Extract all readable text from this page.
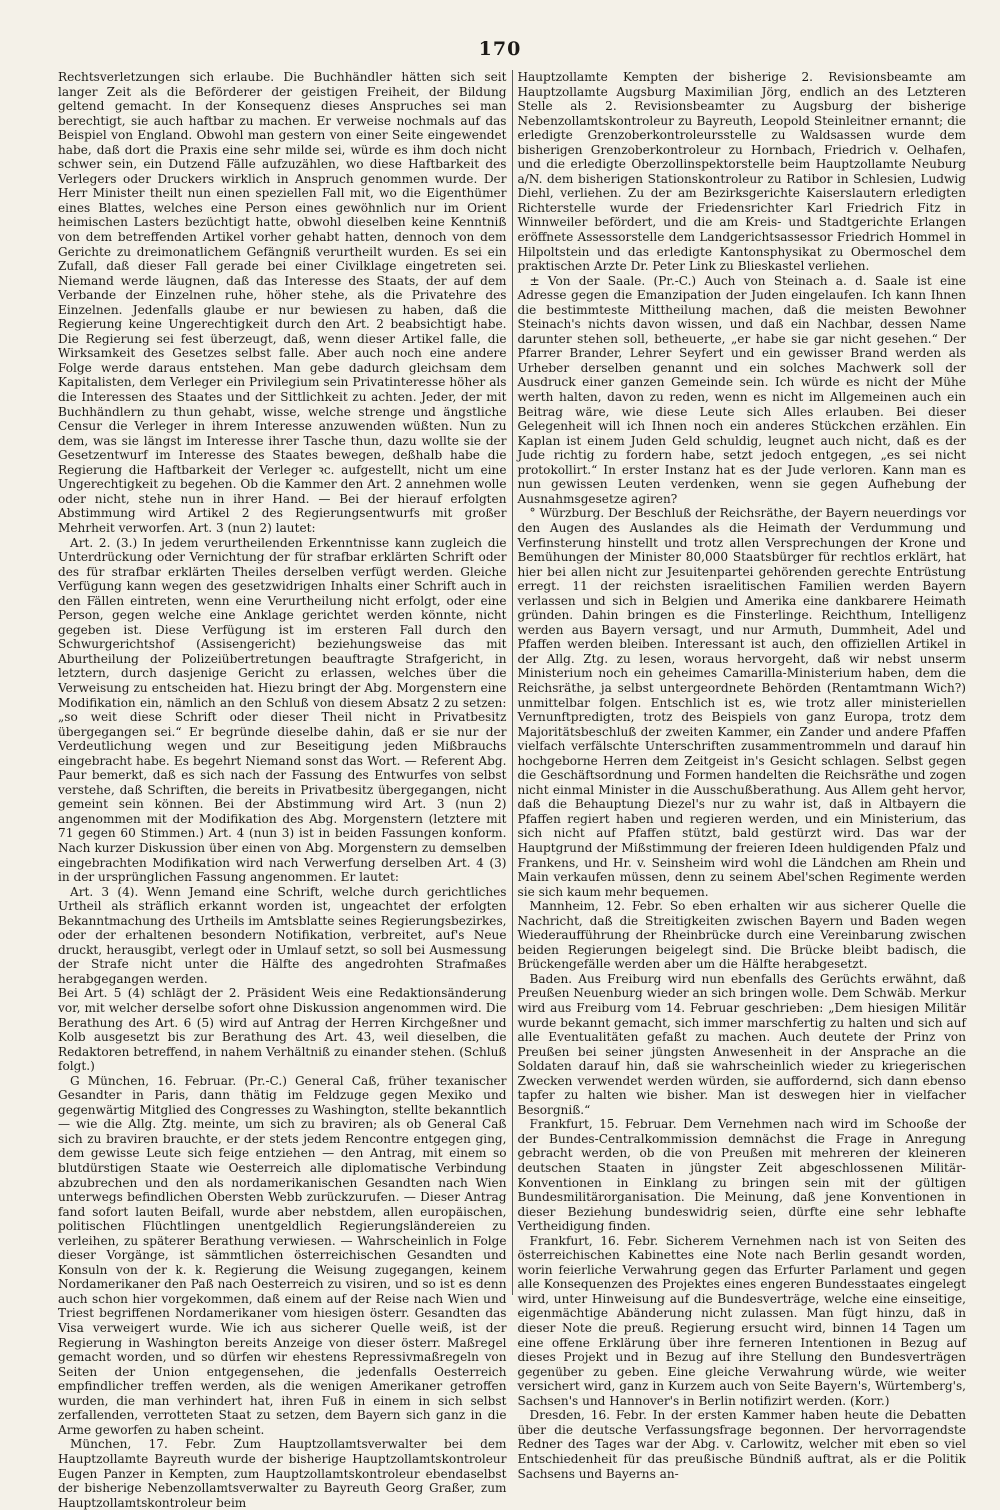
170

Rechtsverletzungen sich erlaube. Die Buchhändler hätten sich seit langer Zeit als die Beförderer der geistigen Freiheit, der Bildung geltend gemacht. In der Konsequenz dieses Anspruches sei man berechtigt, sie auch haftbar zu machen. Er verweise nochmals auf das Beispiel von England. Obwohl man gestern von einer Seite eingewendet habe, daß dort die Praxis eine sehr milde sei, würde es ihm doch nicht schwer sein, ein Dutzend Fälle aufzuzählen, wo diese Haftbarkeit des Verlegers oder Druckers wirklich in Anspruch genommen wurde. Der Herr Minister theilt nun einen speziellen Fall mit, wo die Eigenthümer eines Blattes, welches eine Person eines gewöhnlich nur im Orient heimischen Lasters bezüchtigt hatte, obwohl dieselben keine Kenntniß von dem betreffenden Artikel vorher gehabt hatten, dennoch von dem Gerichte zu dreimonatlichem Gefängniß verurtheilt wurden. Es sei ein Zufall, daß dieser Fall gerade bei einer Civilklage eingetreten sei. Niemand werde läugnen, daß das Interesse des Staats, der auf dem Verbande der Einzelnen ruhe, höher stehe, als die Privatehre des Einzelnen. Jedenfalls glaube er nur bewiesen zu haben, daß die Regierung keine Ungerechtigkeit durch den Art. 2 beabsichtigt habe. Die Regierung sei fest überzeugt, daß, wenn dieser Artikel falle, die Wirksamkeit des Gesetzes selbst falle. Aber auch noch eine andere Folge werde daraus entstehen. Man gebe dadurch gleichsam dem Kapitalisten, dem Verleger ein Privilegium sein Privatinteresse höher als die Interessen des Staates und der Sittlichkeit zu achten. Jeder, der mit Buchhändlern zu thun gehabt, wisse, welche strenge und ängstliche Censur die Verleger in ihrem Interesse anzuwenden wüßten. Nun zu dem, was sie längst im Interesse ihrer Tasche thun, dazu wollte sie der Gesetzentwurf im Interesse des Staates bewegen, deßhalb habe die Regierung die Haftbarkeit der Verleger ꝛc. aufgestellt, nicht um eine Ungerechtigkeit zu begehen. Ob die Kammer den Art. 2 annehmen wolle oder nicht, stehe nun in ihrer Hand. — Bei der hierauf erfolgten Abstimmung wird Artikel 2 des Regierungsentwurfs mit großer Mehrheit verworfen. Art. 3 (nun 2) lautet:

Art. 2. (3.) In jedem verurtheilenden Erkenntnisse kann zugleich die Unterdrückung oder Vernichtung der für strafbar erklärten Schrift oder des für strafbar erklärten Theiles derselben verfügt werden. Gleiche Verfügung kann wegen des gesetzwidrigen Inhalts einer Schrift auch in den Fällen eintreten, wenn eine Verurtheilung nicht erfolgt, oder eine Person, gegen welche eine Anklage gerichtet werden könnte, nicht gegeben ist. Diese Verfügung ist im ersteren Fall durch den Schwurgerichtshof (Assisengericht) beziehungsweise das mit Aburtheilung der Polizeiübertretungen beauftragte Strafgericht, in letztern, durch dasjenige Gericht zu erlassen, welches über die Verweisung zu entscheiden hat. Hiezu bringt der Abg. Morgenstern eine Modifikation ein, nämlich an den Schluß von diesem Absatz 2 zu setzen: „so weit diese Schrift oder dieser Theil nicht in Privatbesitz übergegangen sei.“ Er begründe dieselbe dahin, daß er sie nur der Verdeutlichung wegen und zur Beseitigung jeden Mißbrauchs eingebracht habe. Es begehrt Niemand sonst das Wort. — Referent Abg. Paur bemerkt, daß es sich nach der Fassung des Entwurfes von selbst verstehe, daß Schriften, die bereits in Privatbesitz übergegangen, nicht gemeint sein können. Bei der Abstimmung wird Art. 3 (nun 2) angenommen mit der Modifikation des Abg. Morgenstern (letztere mit 71 gegen 60 Stimmen.) Art. 4 (nun 3) ist in beiden Fassungen konform. Nach kurzer Diskussion über einen von Abg. Morgenstern zu demselben eingebrachten Modifikation wird nach Verwerfung derselben Art. 4 (3) in der ursprünglichen Fassung angenommen. Er lautet:

Art. 3 (4). Wenn Jemand eine Schrift, welche durch gerichtliches Urtheil als sträflich erkannt worden ist, ungeachtet der erfolgten Bekanntmachung des Urtheils im Amtsblatte seines Regierungsbezirkes, oder der erhaltenen besondern Notifikation, verbreitet, auf's Neue druckt, herausgibt, verlegt oder in Umlauf setzt, so soll bei Ausmessung der Strafe nicht unter die Hälfte des angedrohten Strafmaßes herabgegangen werden.

Bei Art. 5 (4) schlägt der 2. Präsident Weis eine Redaktionsänderung vor, mit welcher derselbe sofort ohne Diskussion angenommen wird. Die Berathung des Art. 6 (5) wird auf Antrag der Herren Kirchgeßner und Kolb ausgesetzt bis zur Berathung des Art. 43, weil dieselben, die Redaktoren betreffend, in nahem Verhältniß zu einander stehen. (Schluß folgt.)

G München, 16. Februar. (Pr.-C.) General Caß, früher texanischer Gesandter in Paris, dann thätig im Feldzuge gegen Mexiko und gegenwärtig Mitglied des Congresses zu Washington, stellte bekanntlich — wie die Allg. Ztg. meinte, um sich zu braviren; als ob General Caß sich zu braviren brauchte, er der stets jedem Rencontre entgegen ging, dem gewisse Leute sich feige entziehen — den Antrag, mit einem so blutdürstigen Staate wie Oesterreich alle diplomatische Verbindung abzubrechen und den als nordamerikanischen Gesandten nach Wien unterwegs befindlichen Obersten Webb zurückzurufen. — Dieser Antrag fand sofort lauten Beifall, wurde aber nebstdem, allen europäischen, politischen Flüchtlingen unentgeldlich Regierungsländereien zu verleihen, zu späterer Berathung verwiesen. — Wahrscheinlich in Folge dieser Vorgänge, ist sämmtlichen österreichischen Gesandten und Konsuln von der k. k. Regierung die Weisung zugegangen, keinem Nordamerikaner den Paß nach Oesterreich zu visiren, und so ist es denn auch schon hier vorgekommen, daß einem auf der Reise nach Wien und Triest begriffenen Nordamerikaner vom hiesigen österr. Gesandten das Visa verweigert wurde. Wie ich aus sicherer Quelle weiß, ist der Regierung in Washington bereits Anzeige von dieser österr. Maßregel gemacht worden, und so dürfen wir ehestens Repressivmaßregeln von Seiten der Union entgegensehen, die jedenfalls Oesterreich empfindlicher treffen werden, als die wenigen Amerikaner getroffen wurden, die man verhindert hat, ihren Fuß in einem in sich selbst zerfallenden, verrotteten Staat zu setzen, dem Bayern sich ganz in die Arme geworfen zu haben scheint.

München, 17. Febr. Zum Hauptzollamtsverwalter bei dem Hauptzollamte Bayreuth wurde der bisherige Hauptzollamtskontroleur Eugen Panzer in Kempten, zum Hauptzollamtskontroleur ebendaselbst der bisherige Nebenzollamtsverwalter zu Bayreuth Georg Graßer, zum Hauptzollamtskontroleur beim

Hauptzollamte Kempten der bisherige 2. Revisionsbeamte am Hauptzollamte Augsburg Maximilian Jörg, endlich an des Letzteren Stelle als 2. Revisionsbeamter zu Augsburg der bisherige Nebenzollamtskontroleur zu Bayreuth, Leopold Steinleitner ernannt; die erledigte Grenzoberkontroleursstelle zu Waldsassen wurde dem bisherigen Grenzoberkontroleur zu Hornbach, Friedrich v. Oelhafen, und die erledigte Oberzollinspektorstelle beim Hauptzollamte Neuburg a/N. dem bisherigen Stationskontroleur zu Ratibor in Schlesien, Ludwig Diehl, verliehen. Zu der am Bezirksgerichte Kaiserslautern erledigten Richterstelle wurde der Friedensrichter Karl Friedrich Fitz in Winnweiler befördert, und die am Kreis- und Stadtgerichte Erlangen eröffnete Assessorstelle dem Landgerichtsassessor Friedrich Hommel in Hilpoltstein und das erledigte Kantonsphysikat zu Obermoschel dem praktischen Arzte Dr. Peter Link zu Blieskastel verliehen.

± Von der Saale. (Pr.-C.) Auch von Steinach a. d. Saale ist eine Adresse gegen die Emanzipation der Juden eingelaufen. Ich kann Ihnen die bestimmteste Mittheilung machen, daß die meisten Bewohner Steinach's nichts davon wissen, und daß ein Nachbar, dessen Name darunter stehen soll, betheuerte, „er habe sie gar nicht gesehen.“ Der Pfarrer Brander, Lehrer Seyfert und ein gewisser Brand werden als Urheber derselben genannt und ein solches Machwerk soll der Ausdruck einer ganzen Gemeinde sein. Ich würde es nicht der Mühe werth halten, davon zu reden, wenn es nicht im Allgemeinen auch ein Beitrag wäre, wie diese Leute sich Alles erlauben. Bei dieser Gelegenheit will ich Ihnen noch ein anderes Stückchen erzählen. Ein Kaplan ist einem Juden Geld schuldig, leugnet auch nicht, daß es der Jude richtig zu fordern habe, setzt jedoch entgegen, „es sei nicht protokollirt.“ In erster Instanz hat es der Jude verloren. Kann man es nun gewissen Leuten verdenken, wenn sie gegen Aufhebung der Ausnahmsgesetze agiren?

° Würzburg. Der Beschluß der Reichsräthe, der Bayern neuerdings vor den Augen des Auslandes als die Heimath der Verdummung und Verfinsterung hinstellt und trotz allen Versprechungen der Krone und Bemühungen der Minister 80,000 Staatsbürger für rechtlos erklärt, hat hier bei allen nicht zur Jesuitenpartei gehörenden gerechte Entrüstung erregt. 11 der reichsten israelitischen Familien werden Bayern verlassen und sich in Belgien und Amerika eine dankbarere Heimath gründen. Dahin bringen es die Finsterlinge. Reichthum, Intelligenz werden aus Bayern versagt, und nur Armuth, Dummheit, Adel und Pfaffen werden bleiben. Interessant ist auch, den offiziellen Artikel in der Allg. Ztg. zu lesen, woraus hervorgeht, daß wir nebst unserm Ministerium noch ein geheimes Camarilla-Ministerium haben, dem die Reichsräthe, ja selbst untergeordnete Behörden (Rentamtmann Wich?) unmittelbar folgen. Entschlich ist es, wie trotz aller ministeriellen Vernunftpredigten, trotz des Beispiels von ganz Europa, trotz dem Majoritätsbeschluß der zweiten Kammer, ein Zander und andere Pfaffen vielfach verfälschte Unterschriften zusammentrommeln und darauf hin hochgeborne Herren dem Zeitgeist in's Gesicht schlagen. Selbst gegen die Geschäftsordnung und Formen handelten die Reichsräthe und zogen nicht einmal Minister in die Ausschußberathung. Aus Allem geht hervor, daß die Behauptung Diezel's nur zu wahr ist, daß in Altbayern die Pfaffen regiert haben und regieren werden, und ein Ministerium, das sich nicht auf Pfaffen stützt, bald gestürzt wird. Das war der Hauptgrund der Mißstimmung der freieren Ideen huldigenden Pfalz und Frankens, und Hr. v. Seinsheim wird wohl die Ländchen am Rhein und Main verkaufen müssen, denn zu seinem Abel'schen Regimente werden sie sich kaum mehr bequemen.

Mannheim, 12. Febr. So eben erhalten wir aus sicherer Quelle die Nachricht, daß die Streitigkeiten zwischen Bayern und Baden wegen Wiederaufführung der Rheinbrücke durch eine Vereinbarung zwischen beiden Regierungen beigelegt sind. Die Brücke bleibt badisch, die Brückengefälle werden aber um die Hälfte herabgesetzt.

Baden. Aus Freiburg wird nun ebenfalls des Gerüchts erwähnt, daß Preußen Neuenburg wieder an sich bringen wolle. Dem Schwäb. Merkur wird aus Freiburg vom 14. Februar geschrieben: „Dem hiesigen Militär wurde bekannt gemacht, sich immer marschfertig zu halten und sich auf alle Eventualitäten gefaßt zu machen. Auch deutete der Prinz von Preußen bei seiner jüngsten Anwesenheit in der Ansprache an die Soldaten darauf hin, daß sie wahrscheinlich wieder zu kriegerischen Zwecken verwendet werden würden, sie auffordernd, sich dann ebenso tapfer zu halten wie bisher. Man ist deswegen hier in vielfacher Besorgniß.“

Frankfurt, 15. Februar. Dem Vernehmen nach wird im Schooße der der Bundes-Centralkommission demnächst die Frage in Anregung gebracht werden, ob die von Preußen mit mehreren der kleineren deutschen Staaten in jüngster Zeit abgeschlossenen Militär-Konventionen in Einklang zu bringen sein mit der gültigen Bundesmilitärorganisation. Die Meinung, daß jene Konventionen in dieser Beziehung bundeswidrig seien, dürfte eine sehr lebhafte Vertheidigung finden.

Frankfurt, 16. Febr. Sicherem Vernehmen nach ist von Seiten des österreichischen Kabinettes eine Note nach Berlin gesandt worden, worin feierliche Verwahrung gegen das Erfurter Parlament und gegen alle Konsequenzen des Projektes eines engeren Bundesstaates eingelegt wird, unter Hinweisung auf die Bundesverträge, welche eine einseitige, eigenmächtige Abänderung nicht zulassen. Man fügt hinzu, daß in dieser Note die preuß. Regierung ersucht wird, binnen 14 Tagen um eine offene Erklärung über ihre ferneren Intentionen in Bezug auf dieses Projekt und in Bezug auf ihre Stellung den Bundesverträgen gegenüber zu geben. Eine gleiche Verwahrung würde, wie weiter versichert wird, ganz in Kurzem auch von Seite Bayern's, Würtemberg's, Sachsen's und Hannover's in Berlin notifizirt werden. (Korr.)

Dresden, 16. Febr. In der ersten Kammer haben heute die Debatten über die deutsche Verfassungsfrage begonnen. Der hervorragendste Redner des Tages war der Abg. v. Carlowitz, welcher mit eben so viel Entschiedenheit für das preußische Bündniß auftrat, als er die Politik Sachsens und Bayerns an-
